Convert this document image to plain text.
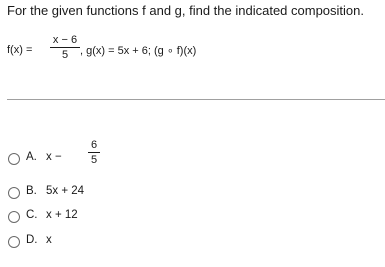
For the given functions f and g, find the indicated composition.
f(x) =
x − 6
5	, g(x) = 5x + 6; (g ∘ f)(x)
A. x −
6
5
B. 5x + 24
C. x + 12
D. x
